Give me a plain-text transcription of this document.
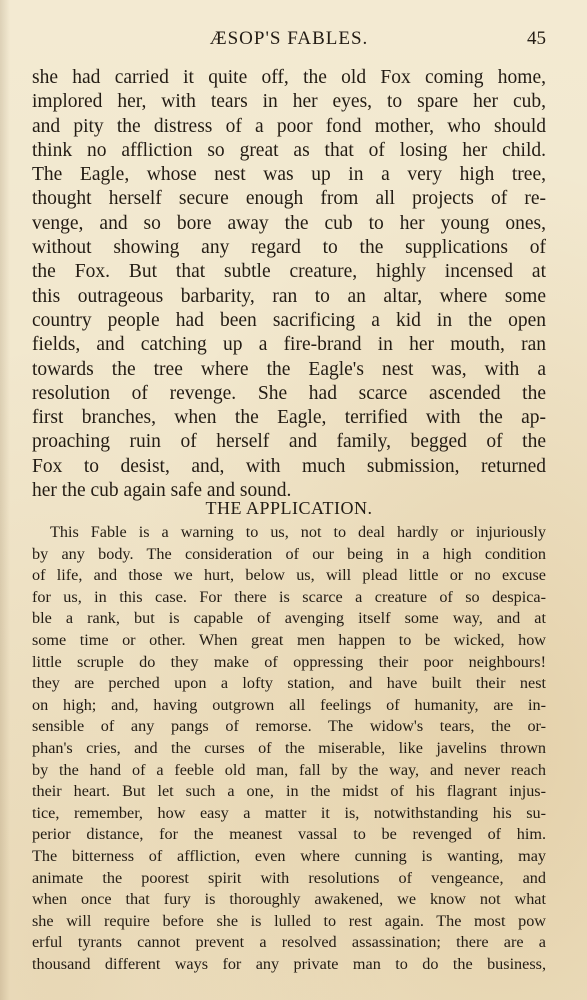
ÆSOP'S FABLES.	45
she had carried it quite off, the old Fox coming home,
implored her, with tears in her eyes, to spare her cub,
and pity the distress of a poor fond mother, who should
think no affliction so great as that of losing her child.
The Eagle, whose nest was up in a very high tree,
thought herself secure enough from all projects of re-
venge, and so bore away the cub to her young ones,
without showing any regard to the supplications of
the Fox. But that subtle creature, highly incensed at
this outrageous barbarity, ran to an altar, where some
country people had been sacrificing a kid in the open
fields, and catching up a fire-brand in her mouth, ran
towards the tree where the Eagle's nest was, with a
resolution of revenge. She had scarce ascended the
first branches, when the Eagle, terrified with the ap-
proaching ruin of herself and family, begged of the
Fox to desist, and, with much submission, returned
her the cub again safe and sound.
THE APPLICATION.
This Fable is a warning to us, not to deal hardly or injuriously
by any body. The consideration of our being in a high condition
of life, and those we hurt, below us, will plead little or no excuse
for us, in this case. For there is scarce a creature of so despica-
ble a rank, but is capable of avenging itself some way, and at
some time or other. When great men happen to be wicked, how
little scruple do they make of oppressing their poor neighbours!
they are perched upon a lofty station, and have built their nest
on high; and, having outgrown all feelings of humanity, are in-
sensible of any pangs of remorse. The widow's tears, the or-
phan's cries, and the curses of the miserable, like javelins thrown
by the hand of a feeble old man, fall by the way, and never reach
their heart. But let such a one, in the midst of his flagrant injus-
tice, remember, how easy a matter it is, notwithstanding his su-
perior distance, for the meanest vassal to be revenged of him.
The bitterness of affliction, even where cunning is wanting, may
animate the poorest spirit with resolutions of vengeance, and
when once that fury is thoroughly awakened, we know not what
she will require before she is lulled to rest again. The most pow
erful tyrants cannot prevent a resolved assassination; there are a
thousand different ways for any private man to do the business,
